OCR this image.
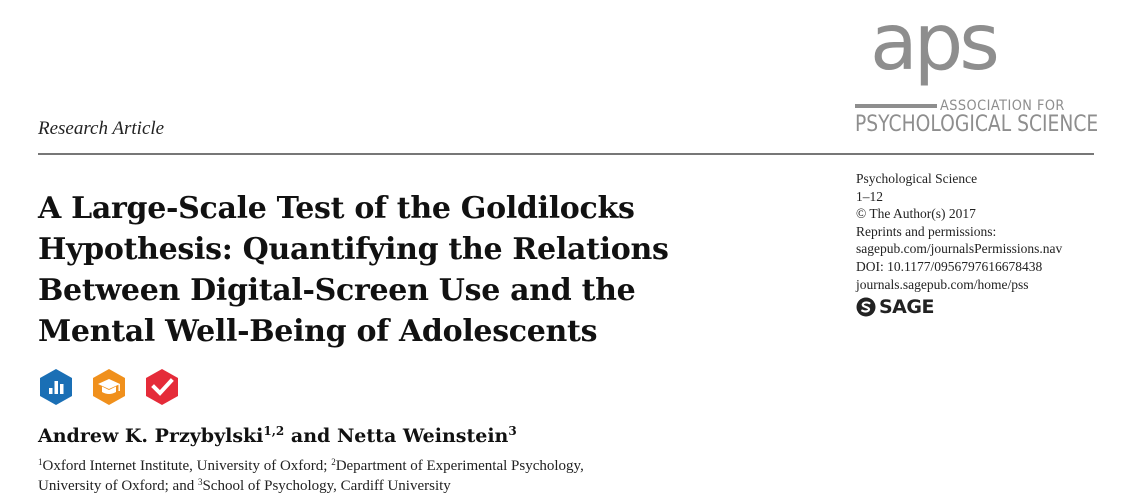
aps
ASSOCIATION FOR
PSYCHOLOGICAL SCIENCE
Research Article
A Large-Scale Test of the Goldilocks
Hypothesis: Quantifying the Relations
Between Digital-Screen Use and the
Mental Well-Being of Adolescents
Andrew K. Przybylski$^{1,2}$ and Netta Weinstein$^3$
$^1$Oxford Internet Institute, University of Oxford; $^2$Department of Experimental Psychology,
University of Oxford; and $^3$School of Psychology, Cardiff University
Psychological Science
1–12
© The Author(s) 2017
Reprints and permissions:
sagepub.com/journalsPermissions.nav
DOI: 10.1177/0956797616678438
journals.sagepub.com/home/pss
SAGE
